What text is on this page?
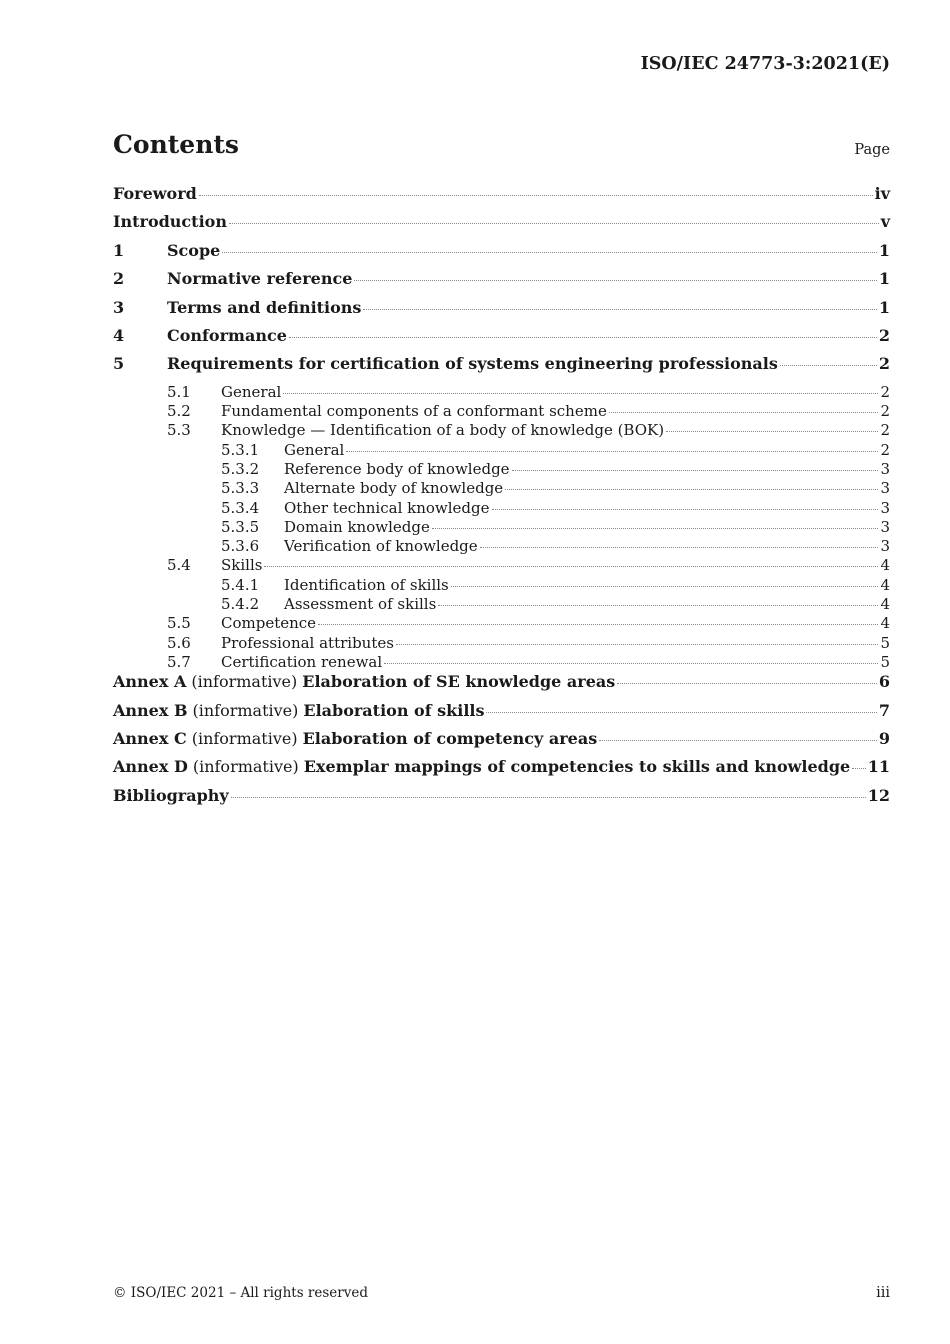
ISO/IEC 24773-3:2021(E)
Contents	Page
Foreword	iv
Introduction	v
1	Scope	1
2	Normative reference	1
3	Terms and definitions	1
4	Conformance	2
5	Requirements for certification of systems engineering professionals	2
5.1	General	2
5.2	Fundamental components of a conformant scheme	2
5.3	Knowledge — Identification of a body of knowledge (BOK)	2
5.3.1	General	2
5.3.2	Reference body of knowledge	3
5.3.3	Alternate body of knowledge	3
5.3.4	Other technical knowledge	3
5.3.5	Domain knowledge	3
5.3.6	Verification of knowledge	3
5.4	Skills	4
5.4.1	Identification of skills	4
5.4.2	Assessment of skills	4
5.5	Competence	4
5.6	Professional attributes	5
5.7	Certification renewal	5
Annex A (informative) Elaboration of SE knowledge areas	6
Annex B (informative) Elaboration of skills	7
Annex C (informative) Elaboration of competency areas	9
Annex D (informative) Exemplar mappings of competencies to skills and knowledge 11
Bibliography	12
© ISO/IEC 2021 – All rights reserved	iii
